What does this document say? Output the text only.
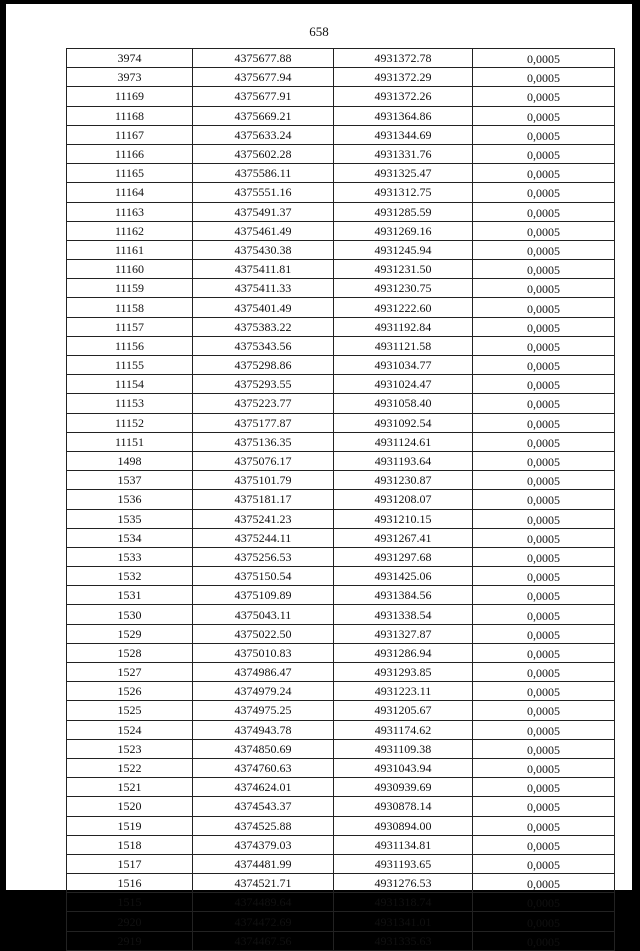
658
3974	4375677.88	4931372.78	0,0005
3973	4375677.94	4931372.29	0,0005
11169	4375677.91	4931372.26	0,0005
11168	4375669.21	4931364.86	0,0005
11167	4375633.24	4931344.69	0,0005
11166	4375602.28	4931331.76	0,0005
11165	4375586.11	4931325.47	0,0005
11164	4375551.16	4931312.75	0,0005
11163	4375491.37	4931285.59	0,0005
11162	4375461.49	4931269.16	0,0005
11161	4375430.38	4931245.94	0,0005
11160	4375411.81	4931231.50	0,0005
11159	4375411.33	4931230.75	0,0005
11158	4375401.49	4931222.60	0,0005
11157	4375383.22	4931192.84	0,0005
11156	4375343.56	4931121.58	0,0005
11155	4375298.86	4931034.77	0,0005
11154	4375293.55	4931024.47	0,0005
11153	4375223.77	4931058.40	0,0005
11152	4375177.87	4931092.54	0,0005
11151	4375136.35	4931124.61	0,0005
1498	4375076.17	4931193.64	0,0005
1537	4375101.79	4931230.87	0,0005
1536	4375181.17	4931208.07	0,0005
1535	4375241.23	4931210.15	0,0005
1534	4375244.11	4931267.41	0,0005
1533	4375256.53	4931297.68	0,0005
1532	4375150.54	4931425.06	0,0005
1531	4375109.89	4931384.56	0,0005
1530	4375043.11	4931338.54	0,0005
1529	4375022.50	4931327.87	0,0005
1528	4375010.83	4931286.94	0,0005
1527	4374986.47	4931293.85	0,0005
1526	4374979.24	4931223.11	0,0005
1525	4374975.25	4931205.67	0,0005
1524	4374943.78	4931174.62	0,0005
1523	4374850.69	4931109.38	0,0005
1522	4374760.63	4931043.94	0,0005
1521	4374624.01	4930939.69	0,0005
1520	4374543.37	4930878.14	0,0005
1519	4374525.88	4930894.00	0,0005
1518	4374379.03	4931134.81	0,0005
1517	4374481.99	4931193.65	0,0005
1516	4374521.71	4931276.53	0,0005
1515	4374489.64	4931318.74	0,0005
2920	4374472.69	4931341.01	0,0005
2919	4374467.56	4931335.63	0,0005
